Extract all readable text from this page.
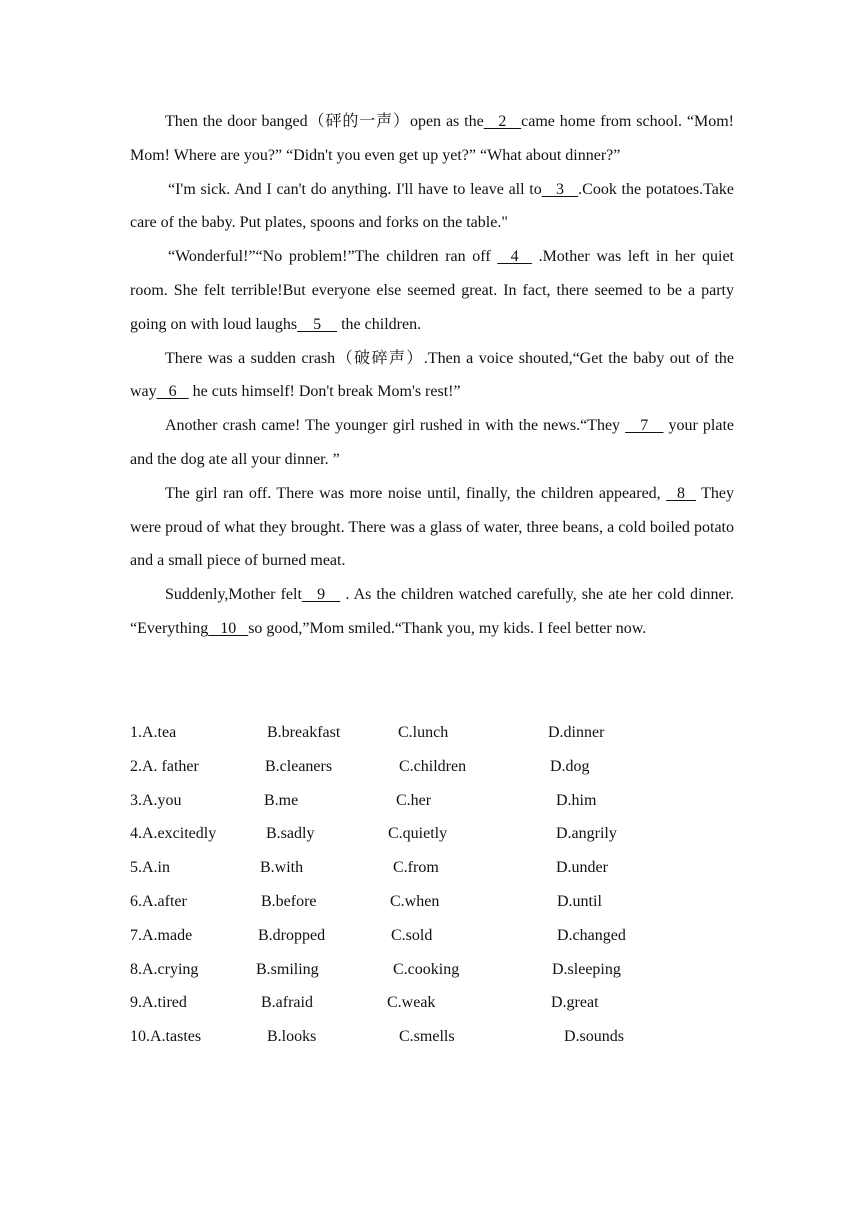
Then the door banged（砰的一声）open as the   2   came home from school. “Mom! Mom! Where are you?” “Didn't you even get up yet?” “What about dinner?”

“I'm sick. And I can't do anything. I'll have to leave all to   3   .Cook the potatoes.Take care of the baby. Put plates, spoons and forks on the table."

“Wonderful!”“No problem!”The children ran off   4   .Mother was left in her quiet room. She felt terrible!But everyone else seemed great. In fact, there seemed to be a party going on with loud laughs    5     the children.

There was a sudden crash（破碎声）.Then a voice shouted,“Get the baby out of the way   6    he cuts himself! Don't break Mom's rest!”

Another crash came! The younger girl rushed in with the news.“They    7    your plate and the dog ate all your dinner. ”

The girl ran off. There was more noise until, finally, the children appeared,   8   They were proud of what they brought. There was a glass of water, three beans, a cold boiled potato and a small piece of burned meat.

Suddenly,Mother felt   9    . As the children watched carefully, she ate her cold dinner. “Everything   10   so good,”Mom smiled.“Thank you, my kids. I feel better now.

1.A.tea	B.breakfast	C.lunch	D.dinner
2.A. father	B.cleaners	C.children	D.dog
3.A.you	B.me	C.her	D.him
4.A.excitedly	B.sadly	C.quietly	D.angrily
5.A.in	B.with	C.from	D.under
6.A.after	B.before	C.when	D.until
7.A.made	B.dropped	C.sold	D.changed
8.A.crying	B.smiling	C.cooking	D.sleeping
9.A.tired	B.afraid	C.weak	D.great
10.A.tastes	B.looks	C.smells	D.sounds
